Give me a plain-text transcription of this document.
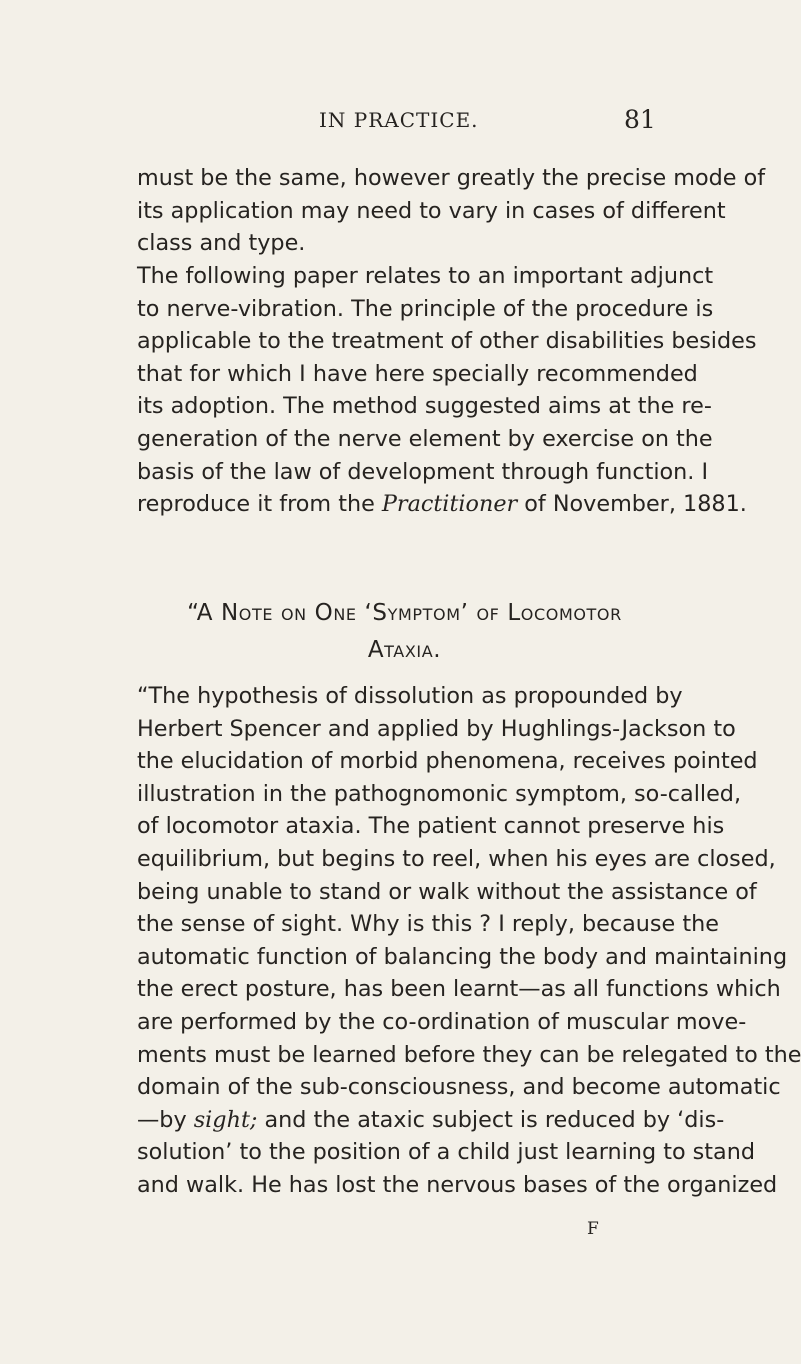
IN PRACTICE.	81
must be the same, however greatly the precise mode of
its application may need to vary in cases of different
class and type.
The following paper relates to an important adjunct
to nerve-vibration. The principle of the procedure is
applicable to the treatment of other disabilities besides
that for which I have here specially recommended
its adoption. The method suggested aims at the re-
generation of the nerve element by exercise on the
basis of the law of development through function. I
reproduce it from the Practitioner of November, 1881.
“A Note on One ‘Symptom’ of Locomotor
Ataxia.
“The hypothesis of dissolution as propounded by
Herbert Spencer and applied by Hughlings-Jackson to
the elucidation of morbid phenomena, receives pointed
illustration in the pathognomonic symptom, so-called,
of locomotor ataxia. The patient cannot preserve his
equilibrium, but begins to reel, when his eyes are closed,
being unable to stand or walk without the assistance of
the sense of sight. Why is this ? I reply, because the
automatic function of balancing the body and maintaining
the erect posture, has been learnt—as all functions which
are performed by the co-ordination of muscular move-
ments must be learned before they can be relegated to the
domain of the sub-consciousness, and become automatic
—by sight; and the ataxic subject is reduced by ‘dis-
solution’ to the position of a child just learning to stand
and walk. He has lost the nervous bases of the organized
F
